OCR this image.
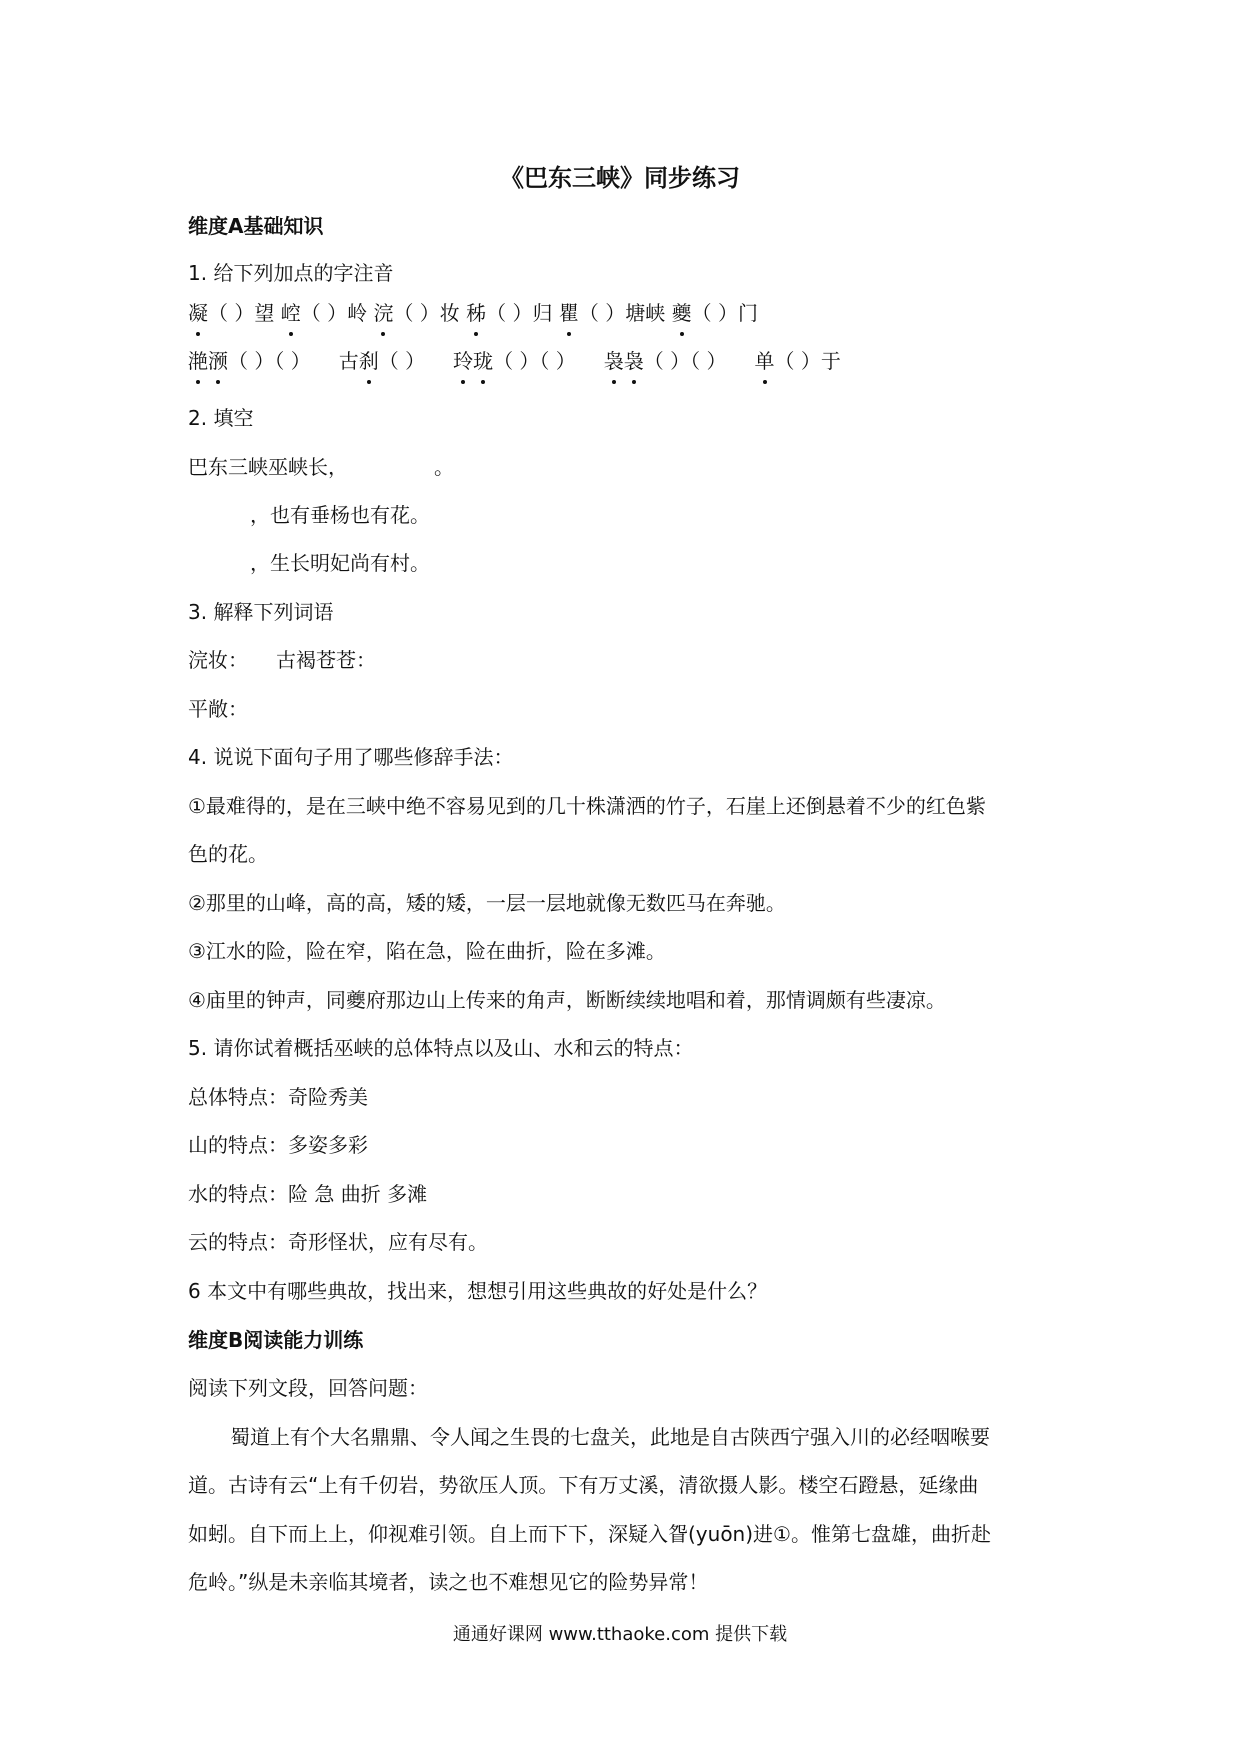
《巴东三峡》同步练习
维度A基础知识
1. 给下列加点的字注音
凝（ ）望 崆（ ）岭 浣（ ）妆 秭（ ）归 瞿（ ）塘峡 夔（ ）门
滟滪（ ）（ ） 古刹（ ） 玲珑（ ）（ ） 袅袅（ ）（ ） 单（ ）于
2. 填空
巴东三峡巫峡长，	。
，也有垂杨也有花。
，生长明妃尚有村。
3. 解释下列词语
浣妆： 古褐苍苍：
平敞：
4. 说说下面句子用了哪些修辞手法：
①最难得的，是在三峡中绝不容易见到的几十株潇洒的竹子，石崖上还倒悬着不少的红色紫
色的花。
②那里的山峰，高的高，矮的矮，一层一层地就像无数匹马在奔驰。
③江水的险，险在窄，陷在急，险在曲折，险在多滩。
④庙里的钟声，同夔府那边山上传来的角声，断断续续地唱和着，那情调颇有些凄凉。
5. 请你试着概括巫峡的总体特点以及山、水和云的特点：
总体特点：奇险秀美
山的特点：多姿多彩
水的特点：险 急 曲折 多滩
云的特点：奇形怪状，应有尽有。
6 本文中有哪些典故，找出来，想想引用这些典故的好处是什么？
维度B阅读能力训练
阅读下列文段，回答问题：
蜀道上有个大名鼎鼎、令人闻之生畏的七盘关，此地是自古陕西宁强入川的必经咽喉要
道。古诗有云“上有千仞岩，势欲压人顶。下有万丈溪，清欲摄人影。楼空石蹬悬，延缘曲
如蚓。自下而上上，仰视难引领。自上而下下，深疑入眢(yuōn)进①。惟第七盘雄，曲折赴
危岭。”纵是未亲临其境者，读之也不难想见它的险势异常！
通通好课网 www.tthaoke.com 提供下载
